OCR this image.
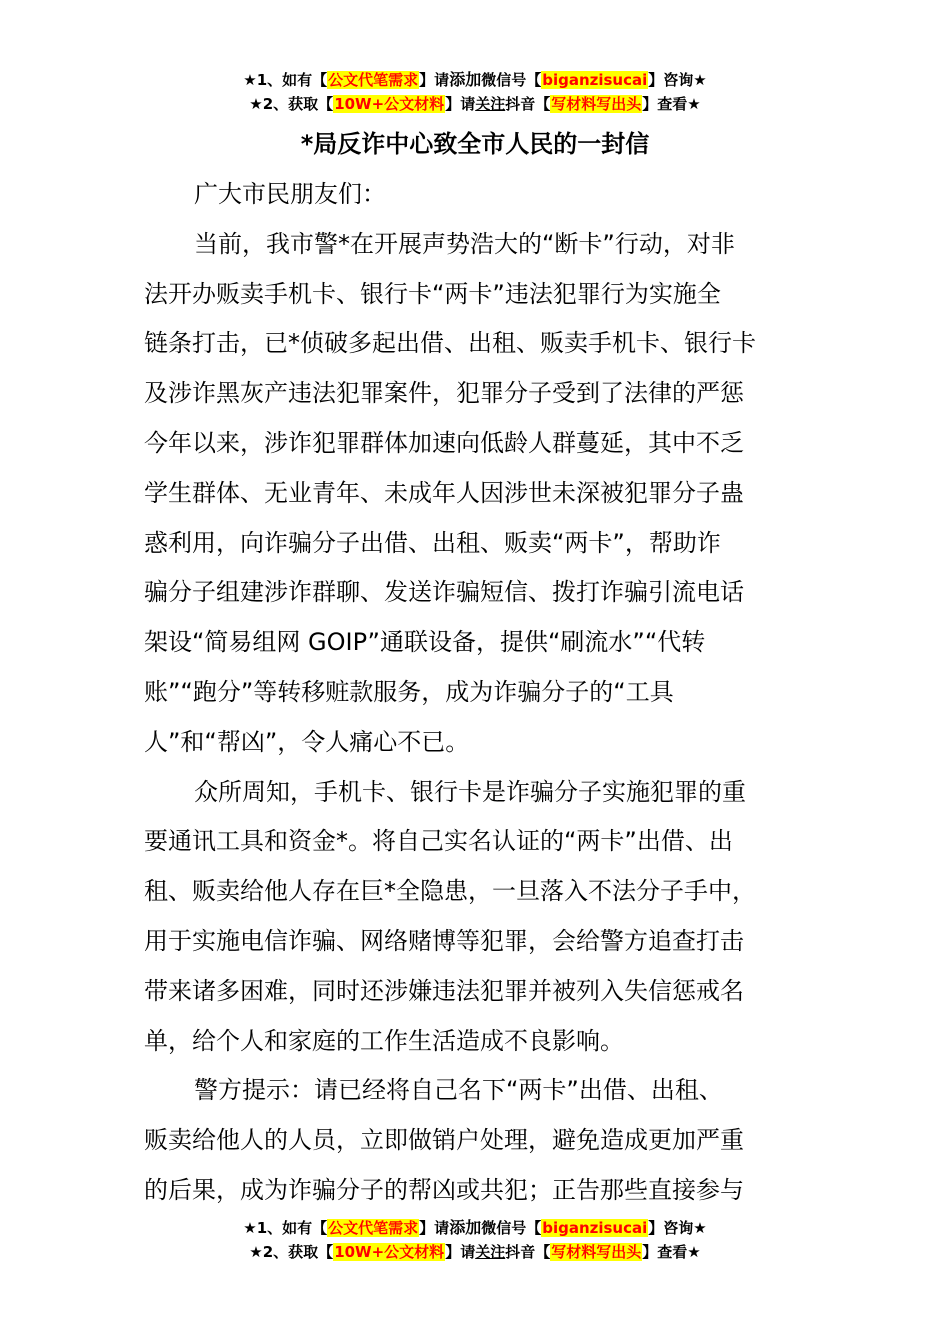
★1、如有【公文代笔需求】请添加微信号【biganzisucai】咨询★
★2、获取【10W+公文材料】请关注抖音【写材料写出头】查看★
*局反诈中心致全市人民的一封信
广大市民朋友们：
当前，我市警*在开展声势浩大的“断卡”行动，对非
法开办贩卖手机卡、银行卡“两卡”违法犯罪行为实施全
链条打击，已*侦破多起出借、出租、贩卖手机卡、银行卡
及涉诈黑灰产违法犯罪案件，犯罪分子受到了法律的严惩
今年以来，涉诈犯罪群体加速向低龄人群蔓延，其中不乏
学生群体、无业青年、未成年人因涉世未深被犯罪分子蛊
惑利用，向诈骗分子出借、出租、贩卖“两卡”，帮助诈
骗分子组建涉诈群聊、发送诈骗短信、拨打诈骗引流电话
架设“简易组网 GOIP”通联设备，提供“刷流水”“代转
账”“跑分”等转移赃款服务，成为诈骗分子的“工具
人”和“帮凶”，令人痛心不已。
众所周知，手机卡、银行卡是诈骗分子实施犯罪的重
要通讯工具和资金*。将自己实名认证的“两卡”出借、出
租、贩卖给他人存在巨*全隐患，一旦落入不法分子手中，
用于实施电信诈骗、网络赌博等犯罪，会给警方追查打击
带来诸多困难，同时还涉嫌违法犯罪并被列入失信惩戒名
单，给个人和家庭的工作生活造成不良影响。
警方提示：请已经将自己名下“两卡”出借、出租、
贩卖给他人的人员，立即做销户处理，避免造成更加严重
的后果，成为诈骗分子的帮凶或共犯；正告那些直接参与
★1、如有【公文代笔需求】请添加微信号【biganzisucai】咨询★
★2、获取【10W+公文材料】请关注抖音【写材料写出头】查看★
